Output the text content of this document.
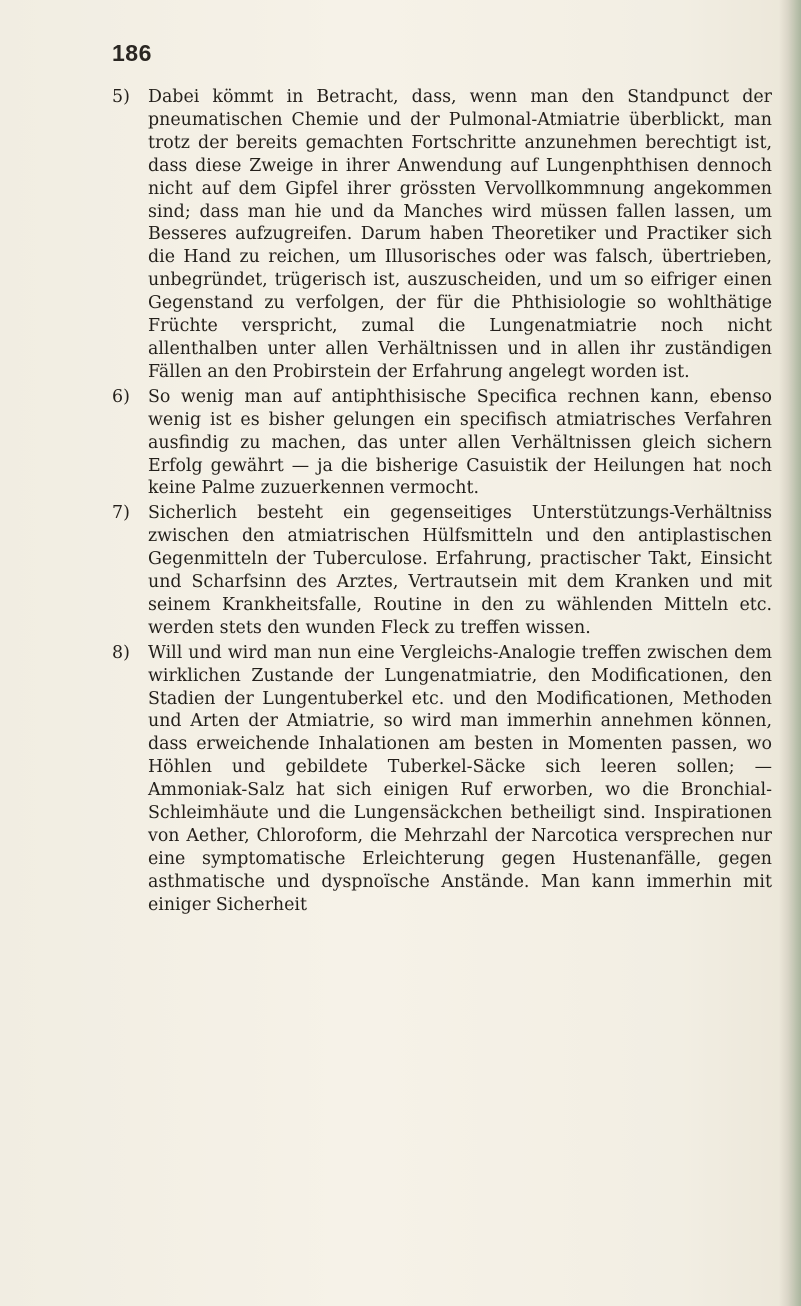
186
5)	Dabei kömmt in Betracht, dass, wenn man den Standpunct der pneumatischen Chemie und der Pulmonal-Atmiatrie überblickt, man trotz der bereits gemachten Fortschritte anzunehmen berechtigt ist, dass diese Zweige in ihrer Anwendung auf Lungenphthisen dennoch nicht auf dem Gipfel ihrer grössten Vervollkommnung angekommen sind; dass man hie und da Manches wird müssen fallen lassen, um Besseres aufzugreifen. Darum haben Theoretiker und Practiker sich die Hand zu reichen, um Illusorisches oder was falsch, übertrieben, unbegründet, trügerisch ist, auszuscheiden, und um so eifriger einen Gegenstand zu verfolgen, der für die Phthisiologie so wohlthätige Früchte verspricht, zumal die Lungenatmiatrie noch nicht allenthalben unter allen Verhältnissen und in allen ihr zuständigen Fällen an den Probirstein der Erfahrung angelegt worden ist.
6)	So wenig man auf antiphthisische Specifica rechnen kann, ebenso wenig ist es bisher gelungen ein specifisch atmiatrisches Verfahren ausfindig zu machen, das unter allen Verhältnissen gleich sichern Erfolg gewährt — ja die bisherige Casuistik der Heilungen hat noch keine Palme zuzuerkennen vermocht.
7)	Sicherlich besteht ein gegenseitiges Unterstützungs-Verhältniss zwischen den atmiatrischen Hülfsmitteln und den antiplastischen Gegenmitteln der Tuberculose. Erfahrung, practischer Takt, Einsicht und Scharfsinn des Arztes, Vertrautsein mit dem Kranken und mit seinem Krankheitsfalle, Routine in den zu wählenden Mitteln etc. werden stets den wunden Fleck zu treffen wissen.
8)	Will und wird man nun eine Vergleichs-Analogie treffen zwischen dem wirklichen Zustande der Lungenatmiatrie, den Modificationen, den Stadien der Lungentuberkel etc. und den Modificationen, Methoden und Arten der Atmiatrie, so wird man immerhin annehmen können, dass erweichende Inhalationen am besten in Momenten passen, wo Höhlen und gebildete Tuberkel-Säcke sich leeren sollen; — Ammoniak-Salz hat sich einigen Ruf erworben, wo die Bronchial-Schleimhäute und die Lungensäckchen betheiligt sind. Inspirationen von Aether, Chloroform, die Mehrzahl der Narcotica versprechen nur eine symptomatische Erleichterung gegen Hustenanfälle, gegen asthmatische und dyspnoïsche Anstände. Man kann immerhin mit einiger Sicherheit
